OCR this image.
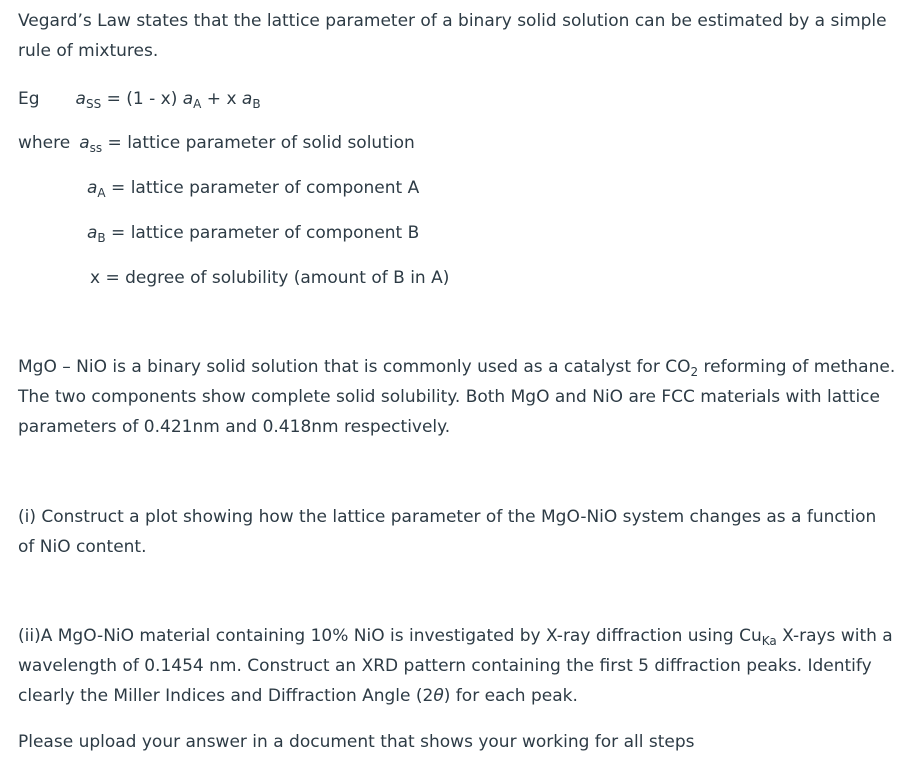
Vegard’s Law states that the lattice parameter of a binary solid solution can be estimated by a simple rule of mixtures.

Eg $a_{SS} = (1 - x) a_A + x$ $a_B$
where $a_{ss}$ = lattice parameter of solid solution
$a_A$ = lattice parameter of component A
$a_B$ = lattice parameter of component B
x = degree of solubility (amount of B in A)

MgO – NiO is a binary solid solution that is commonly used as a catalyst for $CO_2$ reforming of methane. The two components show complete solid solubility. Both MgO and NiO are FCC materials with lattice parameters of 0.421nm and 0.418nm respectively.

(i) Construct a plot showing how the lattice parameter of the MgO-NiO system changes as a function of NiO content.

(ii)A MgO-NiO material containing 10% NiO is investigated by X-ray diffraction using $Cu_{Ka}$ X-rays with a wavelength of 0.1454 nm. Construct an XRD pattern containing the first 5 diffraction peaks. Identify clearly the Miller Indices and Diffraction Angle (2θ) for each peak.

Please upload your answer in a document that shows your working for all steps
